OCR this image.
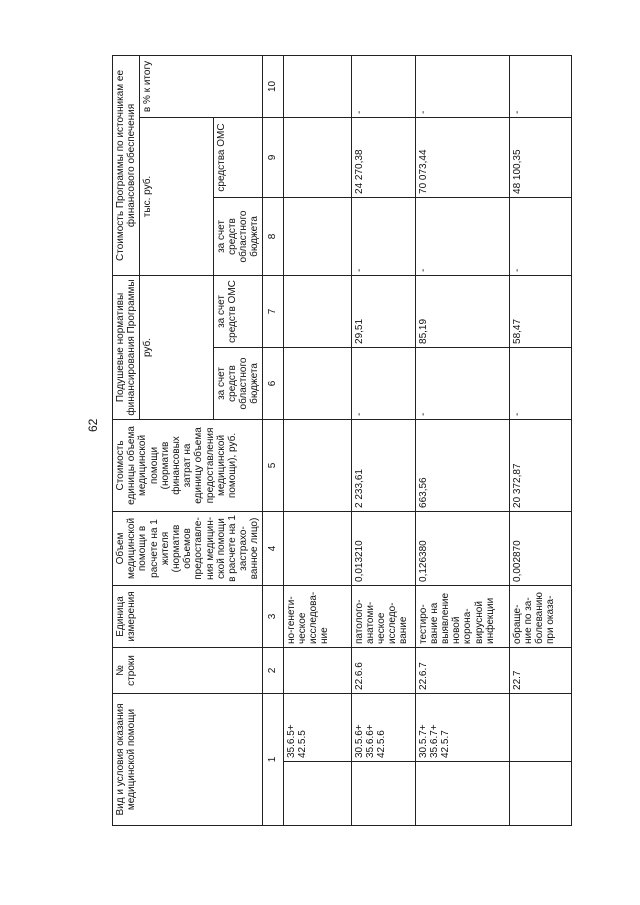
62
Вид и условия оказания медицинской помощи		№ строки	Единица измерения	Объем медицинской помощи в расчете на 1 жителя (норматив объемов предоставле-ния медицин-ской помощи в расчете на 1 застрахо-ванное лицо)	Стоимость единицы объема медицинской помощи (норматив финансовых затрат на единицу объема предоставления медицинской помощи), руб.	Подушевые нормативы финансирования Программы		Стоимость Программы по источникам ее финансового обеспечения		
						руб.		тыс. руб.		в % к итогу
						за счет средств областного бюджета	за счет средств ОМС	за счет средств областного бюджета	средства ОМС	
1		2	3	4	5	6	7	8	9	10
	35.6.5+ 42.5.5		но-генети-ческое исследова-ние							
	30.5.6+ 35.6.6+ 42.5.6	22.6.6	патолого-анатоми-ческое исследо-вание	0,013210	2 233,61	-	29,51	-	24 270,38	-
	30.5.7+ 35.6.7+ 42.5.7	22.6.7	тестиро-вание на выявление новой корона-вирусной инфекции	0,126380	663,56	-	85,19	-	70 073,44	-
		22.7	обраще-ние по за-болеванию при оказа-	0,002870	20 372,87	-	58,47	-	48 100,35	-
